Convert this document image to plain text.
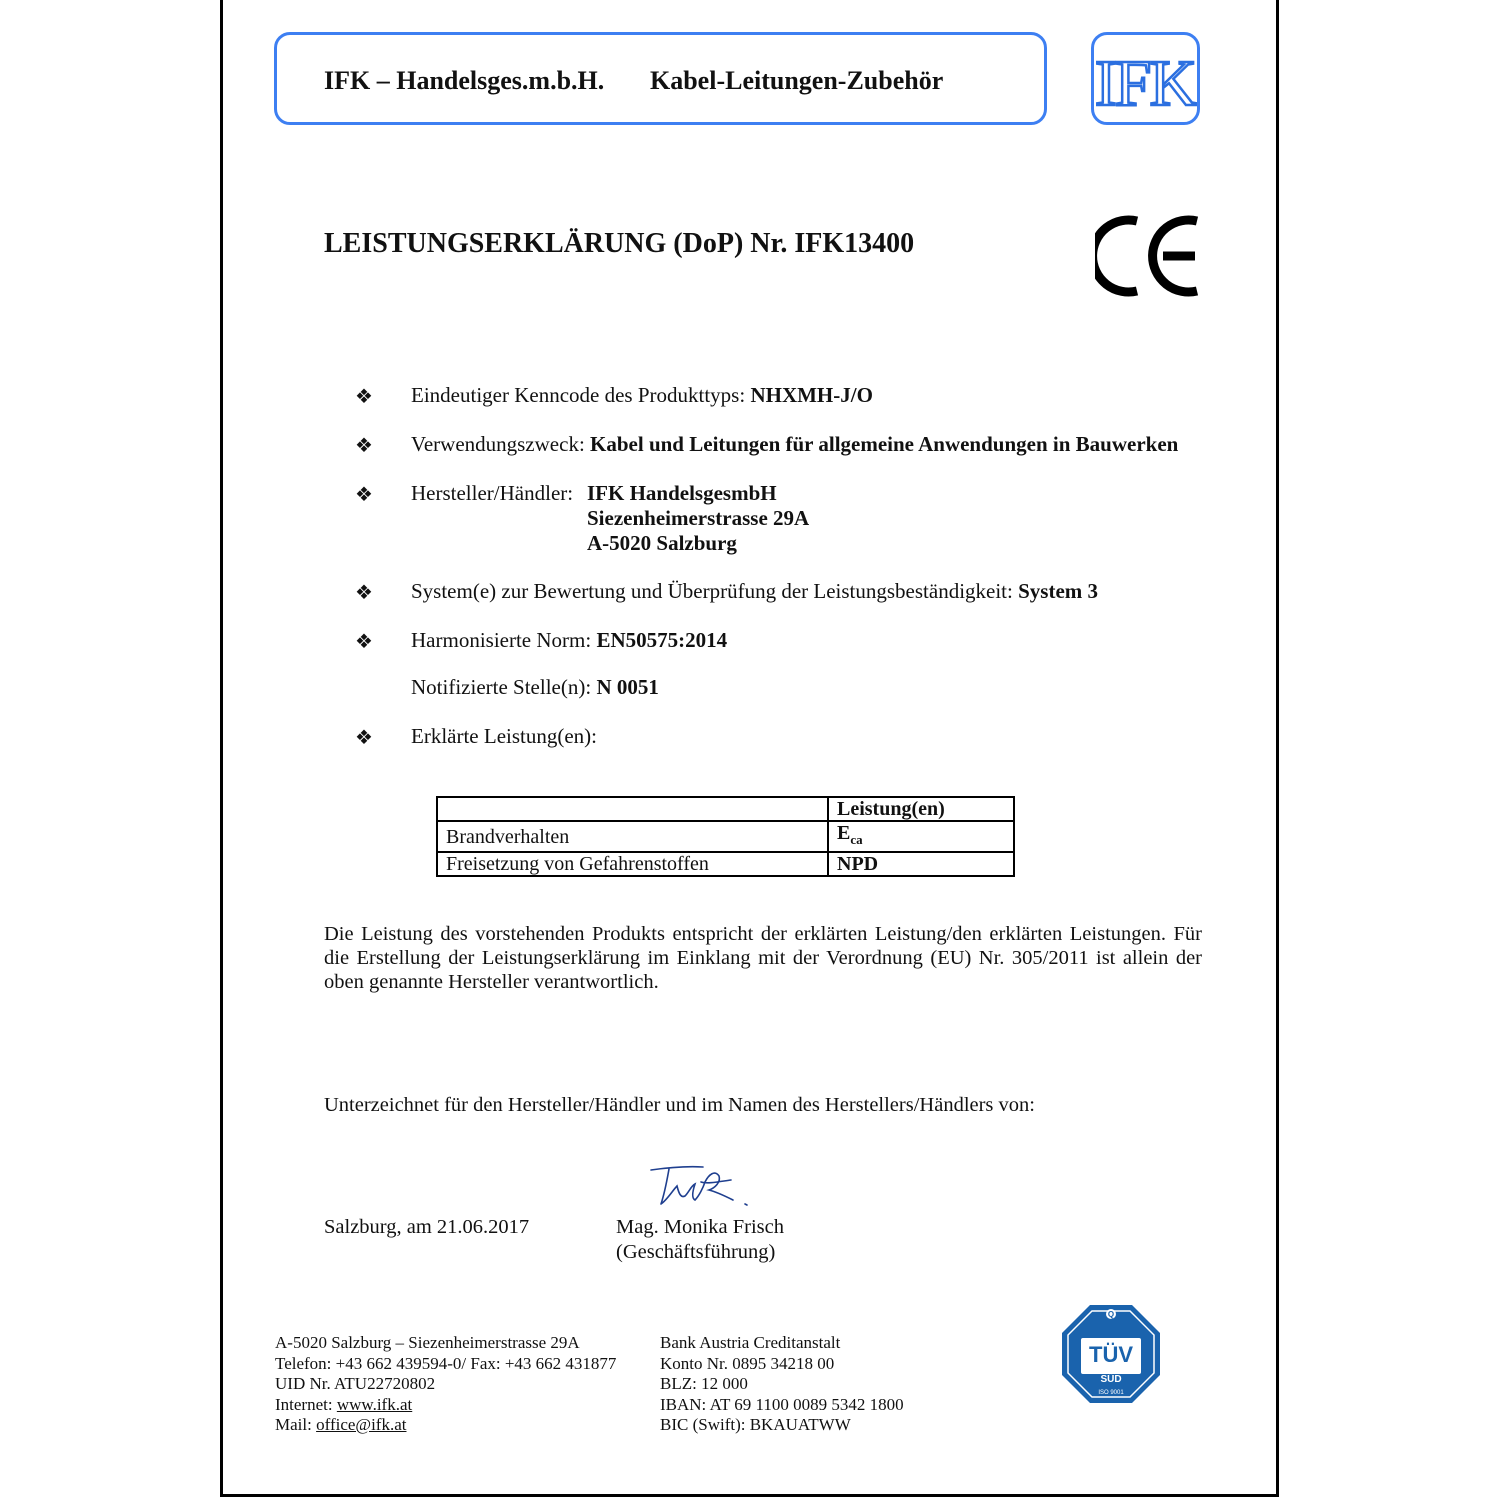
IFK – Handelsges.m.b.H. Kabel-Leitungen-Zubehör IFK
LEISTUNGSERKLÄRUNG (DoP) Nr. IFK13400
❖ Eindeutiger Kenncode des Produkttyps: NHXMH-J/O
❖ Verwendungszweck: Kabel und Leitungen für allgemeine Anwendungen in Bauwerken
❖ Hersteller/Händler: IFK HandelsgesmbH
Siezenheimerstrasse 29A
A-5020 Salzburg
❖ System(e) zur Bewertung und Überprüfung der Leistungsbeständigkeit: System 3
❖ Harmonisierte Norm: EN50575:2014
Notifizierte Stelle(n): N 0051
❖ Erklärte Leistung(en):
	Leistung(en)
Brandverhalten	$E_{ca}$
Freisetzung von Gefahrenstoffen	NPD
Die Leistung des vorstehenden Produkts entspricht der erklärten Leistung/den erklärten Leistungen. Für die Erstellung der Leistungserklärung im Einklang mit der Verordnung (EU) Nr. 305/2011 ist allein der oben genannte Hersteller verantwortlich.
Unterzeichnet für den Hersteller/Händler und im Namen des Herstellers/Händlers von:
Salzburg, am 21.06.2017	Mag. Monika Frisch
(Geschäftsführung)
A-5020 Salzburg – Siezenheimerstrasse 29A
Telefon: +43 662 439594-0/ Fax: +43 662 431877
UID Nr. ATU22720802
Internet: www.ifk.at
Mail: office@ifk.at
Bank Austria Creditanstalt
Konto Nr. 0895 34218 00
BLZ: 12 000
IBAN: AT 69 1100 0089 5342 1800
BIC (Swift): BKAUATWW
Q
TÜV
SÜD
ISO 9001
